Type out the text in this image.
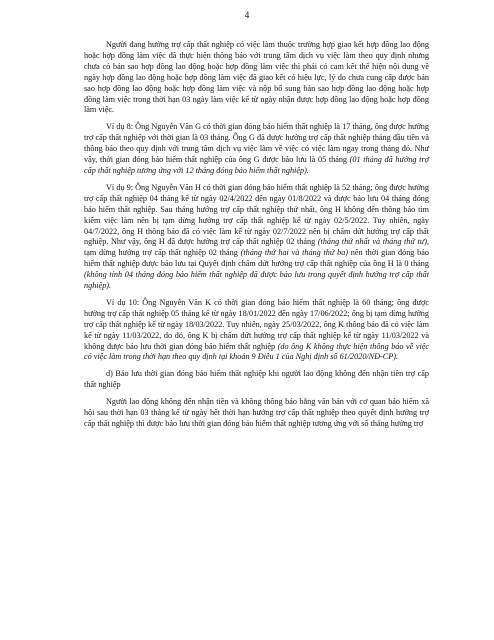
4

Người đang hưởng trợ cấp thất nghiệp có việc làm thuộc trường hợp giao kết hợp đồng lao động hoặc hợp đồng làm việc đã thực hiện thông báo với trung tâm dịch vụ việc làm theo quy định nhưng chưa có bản sao hợp đồng lao động hoặc hợp đồng làm việc thì phải có cam kết thể hiện nội dung về ngày hợp đồng lao động hoặc hợp đồng làm việc đã giao kết có hiệu lực, lý do chưa cung cấp được bản sao hợp đồng lao động hoặc hợp đồng làm việc và nộp bổ sung bản sao hợp đồng lao động hoặc hợp đồng làm việc trong thời hạn 03 ngày làm việc kể từ ngày nhận được hợp đồng lao động hoặc hợp đồng làm việc.

Ví dụ 8: Ông Nguyễn Văn G có thời gian đóng bảo hiểm thất nghiệp là 17 tháng, ông được hưởng trợ cấp thất nghiệp với thời gian là 03 tháng. Ông G đã được hưởng trợ cấp thất nghiệp tháng đầu tiên và thông báo theo quy định với trung tâm dịch vụ việc làm về việc có việc làm ngay trong tháng đó. Như vậy, thời gian đóng bảo hiểm thất nghiệp của ông G được bảo lưu là 05 tháng (01 tháng đã hưởng trợ cấp thất nghiệp tương ứng với 12 tháng đóng bảo hiểm thất nghiệp).

Ví dụ 9: Ông Nguyễn Văn H có thời gian đóng bảo hiểm thất nghiệp là 52 tháng; ông được hưởng trợ cấp thất nghiệp 04 tháng kể từ ngày 02/4/2022 đến ngày 01/8/2022 và được bảo lưu 04 tháng đóng bảo hiểm thất nghiệp. Sau tháng hưởng trợ cấp thất nghiệp thứ nhất, ông H không đến thông báo tìm kiếm việc làm nên bị tạm dừng hưởng trợ cấp thất nghiệp kể từ ngày 02/5/2022. Tuy nhiên, ngày 04/7/2022, ông H thông báo đã có việc làm kể từ ngày 02/7/2022 nên bị chấm dứt hưởng trợ cấp thất nghiệp. Như vậy, ông H đã được hưởng trợ cấp thất nghiệp 02 tháng (tháng thứ nhất và tháng thứ tư), tạm dừng hưởng trợ cấp thất nghiệp 02 tháng (tháng thứ hai và tháng thứ ba) nên thời gian đóng bảo hiểm thất nghiệp được bảo lưu tại Quyết định chấm dứt hưởng trợ cấp thất nghiệp của ông H là 0 tháng (không tính 04 tháng đóng bảo hiểm thất nghiệp đã được bảo lưu trong quyết định hưởng trợ cấp thất nghiệp).

Ví dụ 10: Ông Nguyễn Văn K có thời gian đóng bảo hiểm thất nghiệp là 60 tháng; ông được hưởng trợ cấp thất nghiệp 05 tháng kể từ ngày 18/01/2022 đến ngày 17/06/2022; ông bị tạm dừng hưởng trợ cấp thất nghiệp kể từ ngày 18/03/2022. Tuy nhiên, ngày 25/03/2022, ông K thông báo đã có việc làm kể từ ngày 11/03/2022, do đó, ông K bị chấm dứt hưởng trợ cấp thất nghiệp kể từ ngày 11/03/2022 và không được bảo lưu thời gian đóng bảo hiểm thất nghiệp (do ông K không thực hiện thông báo về việc có việc làm trong thời hạn theo quy định tại khoản 9 Điều 1 của Nghị định số 61/2020/NĐ-CP).

d) Bảo lưu thời gian đóng bảo hiểm thất nghiệp khi người lao động không đến nhận tiền trợ cấp thất nghiệp

Người lao động không đến nhận tiền và không thông báo bằng văn bản với cơ quan bảo hiểm xã hội sau thời hạn 03 tháng kể từ ngày hết thời hạn hưởng trợ cấp thất nghiệp theo quyết định hưởng trợ cấp thất nghiệp thì được bảo lưu thời gian đóng bảo hiểm thất nghiệp tương ứng với số tháng hưởng trợ
